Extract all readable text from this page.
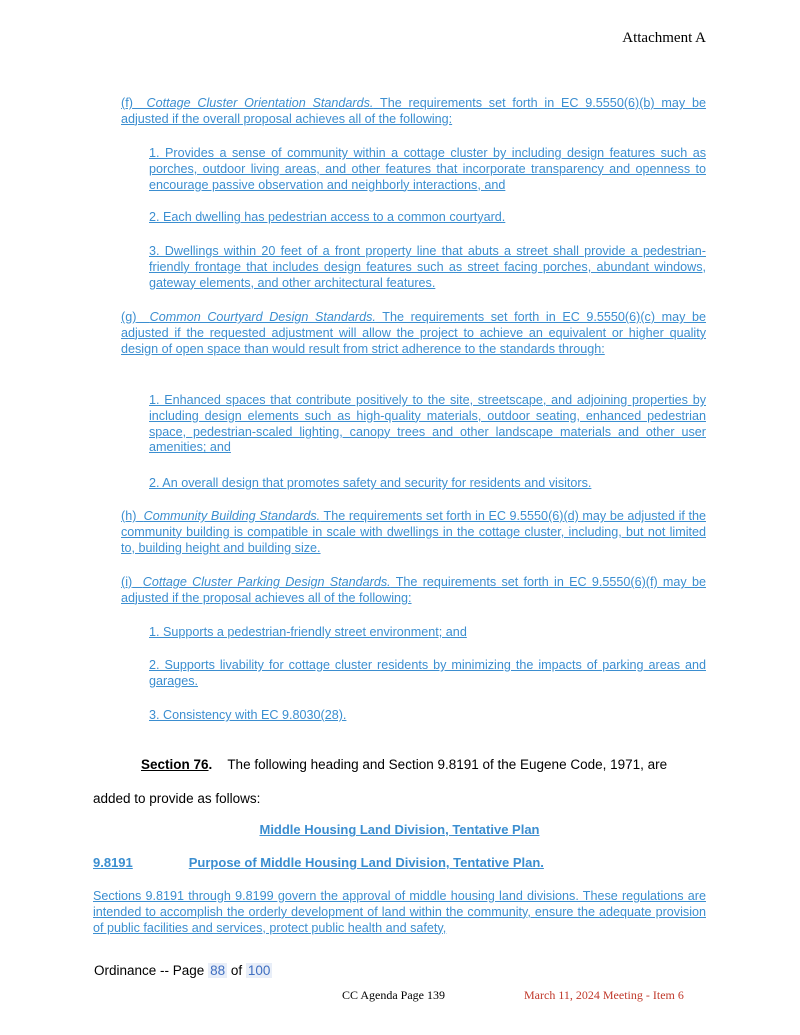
Attachment A

(f) Cottage Cluster Orientation Standards. The requirements set forth in EC 9.5550(6)(b) may be adjusted if the overall proposal achieves all of the following:

1. Provides a sense of community within a cottage cluster by including design features such as porches, outdoor living areas, and other features that incorporate transparency and openness to encourage passive observation and neighborly interactions, and

2. Each dwelling has pedestrian access to a common courtyard.

3. Dwellings within 20 feet of a front property line that abuts a street shall provide a pedestrian-friendly frontage that includes design features such as street facing porches, abundant windows, gateway elements, and other architectural features.

(g) Common Courtyard Design Standards. The requirements set forth in EC 9.5550(6)(c) may be adjusted if the requested adjustment will allow the project to achieve an equivalent or higher quality design of open space than would result from strict adherence to the standards through:

1. Enhanced spaces that contribute positively to the site, streetscape, and adjoining properties by including design elements such as high-quality materials, outdoor seating, enhanced pedestrian space, pedestrian-scaled lighting, canopy trees and other landscape materials and other user amenities; and

2. An overall design that promotes safety and security for residents and visitors.

(h) Community Building Standards. The requirements set forth in EC 9.5550(6)(d) may be adjusted if the community building is compatible in scale with dwellings in the cottage cluster, including, but not limited to, building height and building size.

(i) Cottage Cluster Parking Design Standards. The requirements set forth in EC 9.5550(6)(f) may be adjusted if the proposal achieves all of the following:

1. Supports a pedestrian-friendly street environment; and

2. Supports livability for cottage cluster residents by minimizing the impacts of parking areas and garages.

3. Consistency with EC 9.8030(28).

Section 76. The following heading and Section 9.8191 of the Eugene Code, 1971, are
added to provide as follows:
Middle Housing Land Division, Tentative Plan
9.8191	Purpose of Middle Housing Land Division, Tentative Plan.

Sections 9.8191 through 9.8199 govern the approval of middle housing land divisions. These regulations are intended to accomplish the orderly development of land within the community, ensure the adequate provision of public facilities and services, protect public health and safety,

Ordinance -- Page 88 of 100
CC Agenda Page 139	March 11, 2024 Meeting - Item 6
